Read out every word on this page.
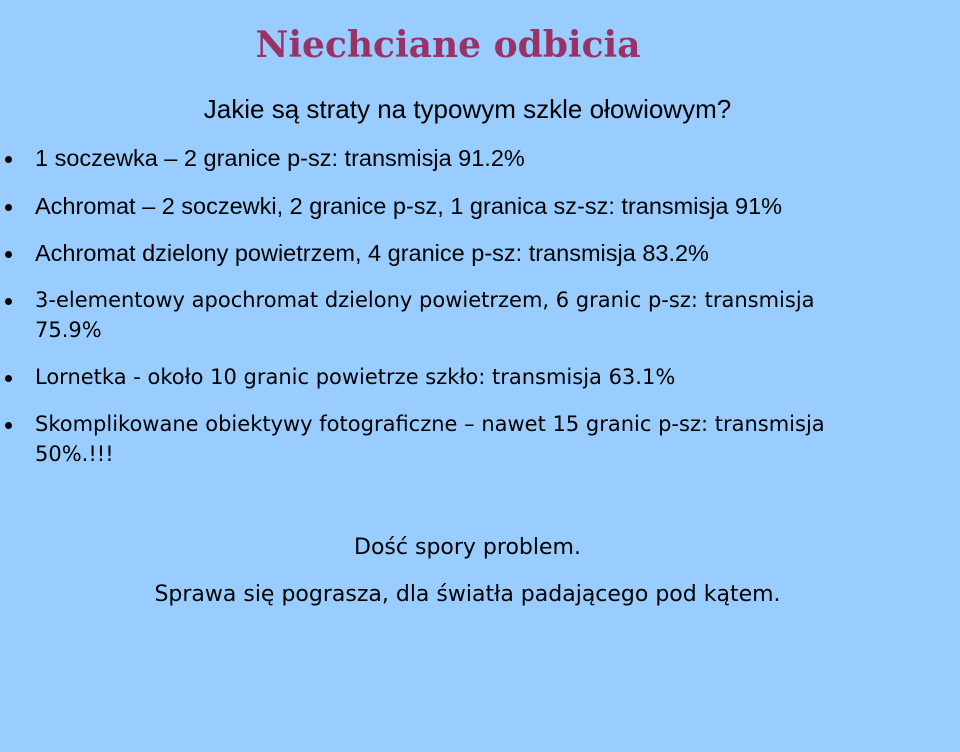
Niechciane odbicia

Jakie są straty na typowym szkle ołowiowym?

1 soczewka – 2 granice p-sz: transmisja 91.2%
Achromat – 2 soczewki, 2 granice p-sz, 1 granica sz-sz: transmisja 91%
Achromat dzielony powietrzem, 4 granice p-sz: transmisja 83.2%
3-elementowy apochromat dzielony powietrzem, 6 granic p-sz: transmisja 75.9%
Lornetka - około 10 granic powietrze szkło: transmisja 63.1%
Skomplikowane obiektywy fotograficzne – nawet 15 granic p-sz: transmisja 50%.!!!

Dość spory problem.

Sprawa się pograsza, dla światła padającego pod kątem.
